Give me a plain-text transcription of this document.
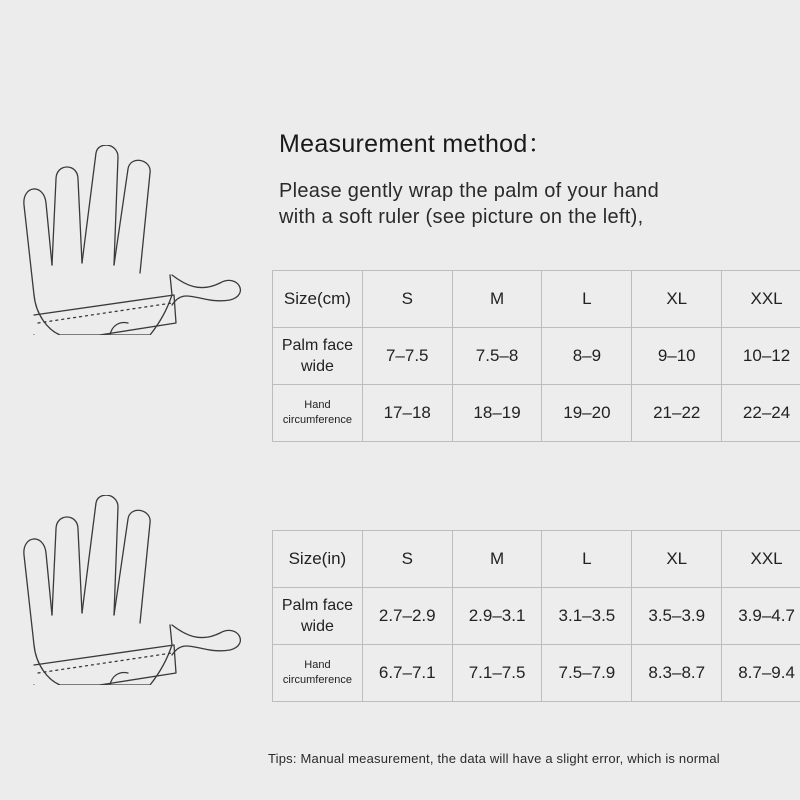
Measurement method：
Please gently wrap the palm of your hand
with a soft ruler (see picture on the left),
Size(cm)	S	M	L	XL	XXL
Palm face wide	7–7.5	7.5–8	8–9	9–10	10–12
Hand circumference	17–18	18–19	19–20	21–22	22–24
Size(in)	S	M	L	XL	XXL
Palm face wide	2.7–2.9	2.9–3.1	3.1–3.5	3.5–3.9	3.9–4.7
Hand circumference	6.7–7.1	7.1–7.5	7.5–7.9	8.3–8.7	8.7–9.4
Tips: Manual measurement, the data will have a slight error, which is normal
